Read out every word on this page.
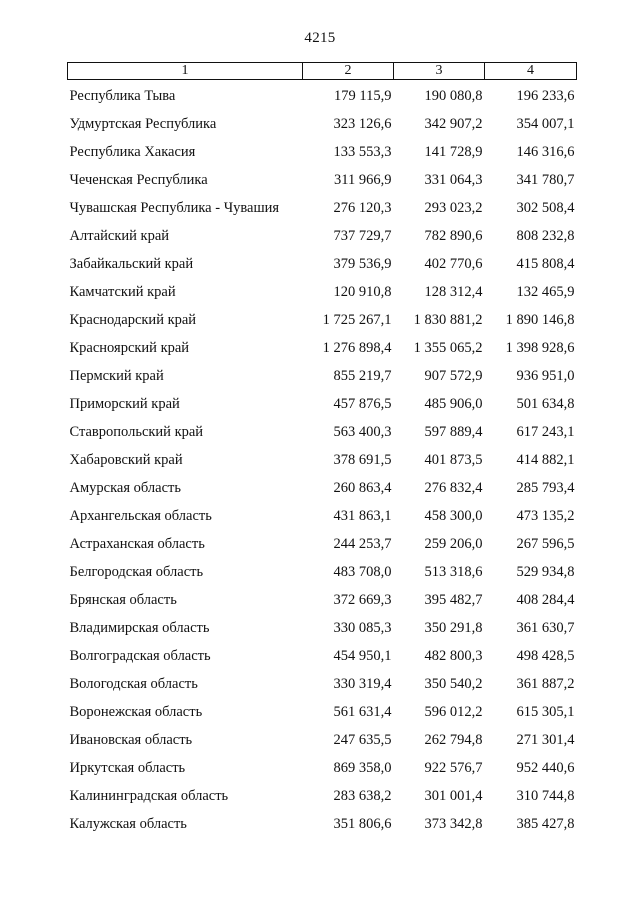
4215
1	2	3	4
Республика Тыва	179 115,9	190 080,8	196 233,6
Удмуртская Республика	323 126,6	342 907,2	354 007,1
Республика Хакасия	133 553,3	141 728,9	146 316,6
Чеченская Республика	311 966,9	331 064,3	341 780,7
Чувашская Республика - Чувашия	276 120,3	293 023,2	302 508,4
Алтайский край	737 729,7	782 890,6	808 232,8
Забайкальский край	379 536,9	402 770,6	415 808,4
Камчатский край	120 910,8	128 312,4	132 465,9
Краснодарский край	1 725 267,1	1 830 881,2	1 890 146,8
Красноярский край	1 276 898,4	1 355 065,2	1 398 928,6
Пермский край	855 219,7	907 572,9	936 951,0
Приморский край	457 876,5	485 906,0	501 634,8
Ставропольский край	563 400,3	597 889,4	617 243,1
Хабаровский край	378 691,5	401 873,5	414 882,1
Амурская область	260 863,4	276 832,4	285 793,4
Архангельская область	431 863,1	458 300,0	473 135,2
Астраханская область	244 253,7	259 206,0	267 596,5
Белгородская область	483 708,0	513 318,6	529 934,8
Брянская область	372 669,3	395 482,7	408 284,4
Владимирская область	330 085,3	350 291,8	361 630,7
Волгоградская область	454 950,1	482 800,3	498 428,5
Вологодская область	330 319,4	350 540,2	361 887,2
Воронежская область	561 631,4	596 012,2	615 305,1
Ивановская область	247 635,5	262 794,8	271 301,4
Иркутская область	869 358,0	922 576,7	952 440,6
Калининградская область	283 638,2	301 001,4	310 744,8
Калужская область	351 806,6	373 342,8	385 427,8
